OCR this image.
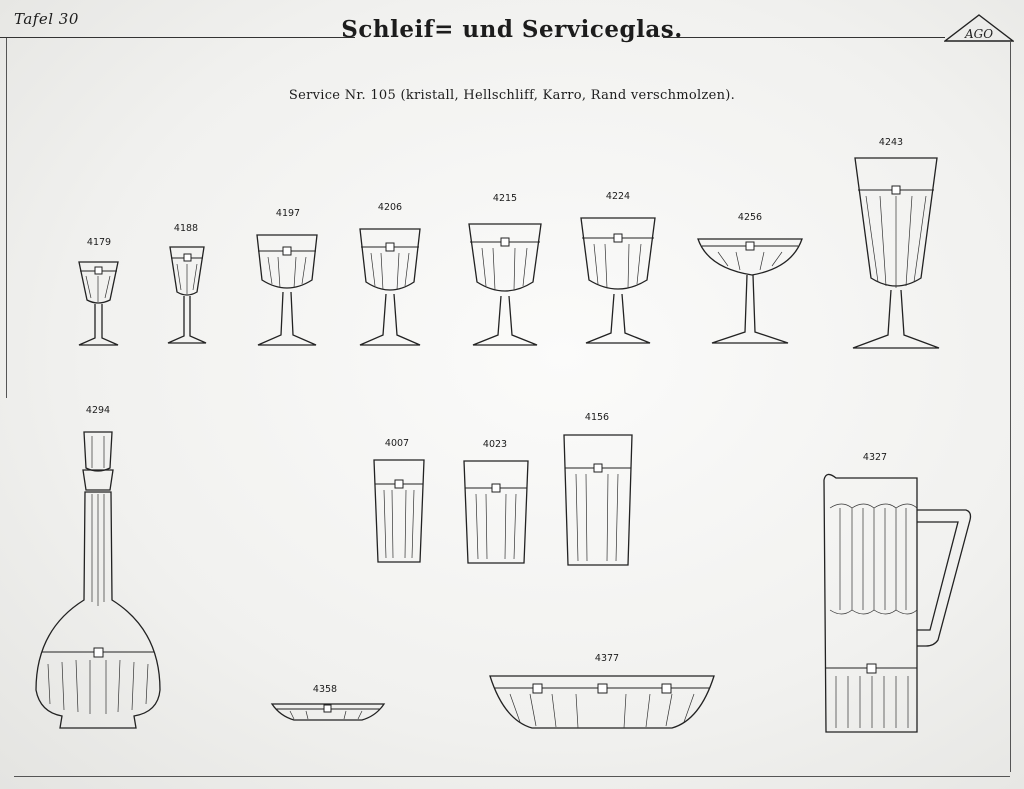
Tafel 30	Schleif= und Serviceglas.	AGO
Service Nr. 105 (kristall, Hellschliff, Karro, Rand verschmolzen).
4179
4188
4197
4206
4215	4224
4256
4243
4294
4007	4023
4156
4327
4358
4377
